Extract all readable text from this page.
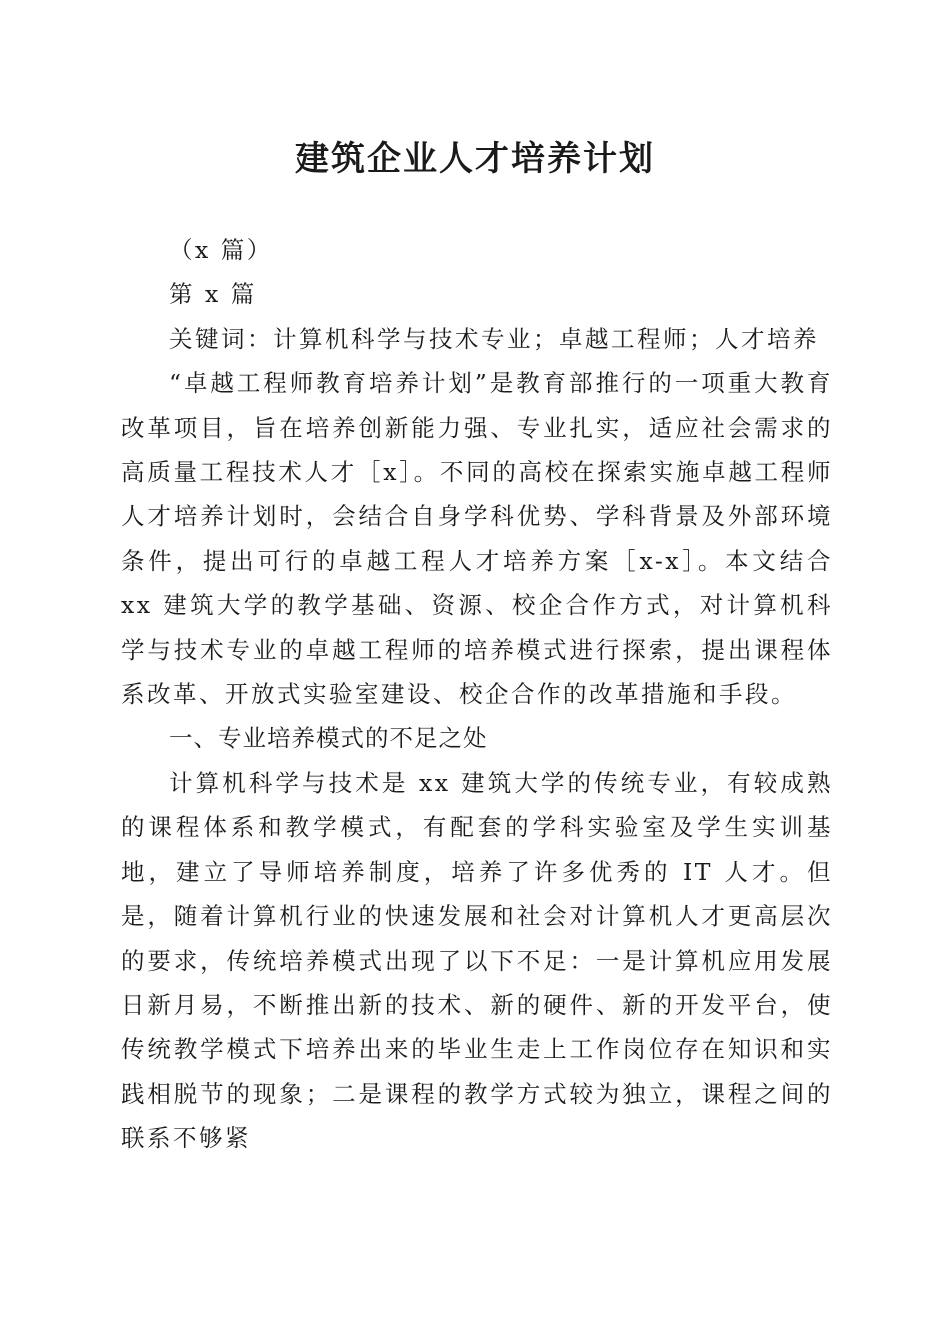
建筑企业人才培养计划

（x 篇）

第 x 篇

关键词：计算机科学与技术专业；卓越工程师；人才培养

“卓越工程师教育培养计划”是教育部推行的一项重大教育改革项目，旨在培养创新能力强、专业扎实，适应社会需求的高质量工程技术人才［x］。不同的高校在探索实施卓越工程师人才培养计划时，会结合自身学科优势、学科背景及外部环境条件，提出可行的卓越工程人才培养方案［x-x］。本文结合 xx 建筑大学的教学基础、资源、校企合作方式，对计算机科学与技术专业的卓越工程师的培养模式进行探索，提出课程体系改革、开放式实验室建设、校企合作的改革措施和手段。

一、专业培养模式的不足之处

计算机科学与技术是 xx 建筑大学的传统专业，有较成熟的课程体系和教学模式，有配套的学科实验室及学生实训基地，建立了导师培养制度，培养了许多优秀的 IT 人才。但是，随着计算机行业的快速发展和社会对计算机人才更高层次的要求，传统培养模式出现了以下不足：一是计算机应用发展日新月易，不断推出新的技术、新的硬件、新的开发平台，使传统教学模式下培养出来的毕业生走上工作岗位存在知识和实践相脱节的现象；二是课程的教学方式较为独立，课程之间的联系不够紧
